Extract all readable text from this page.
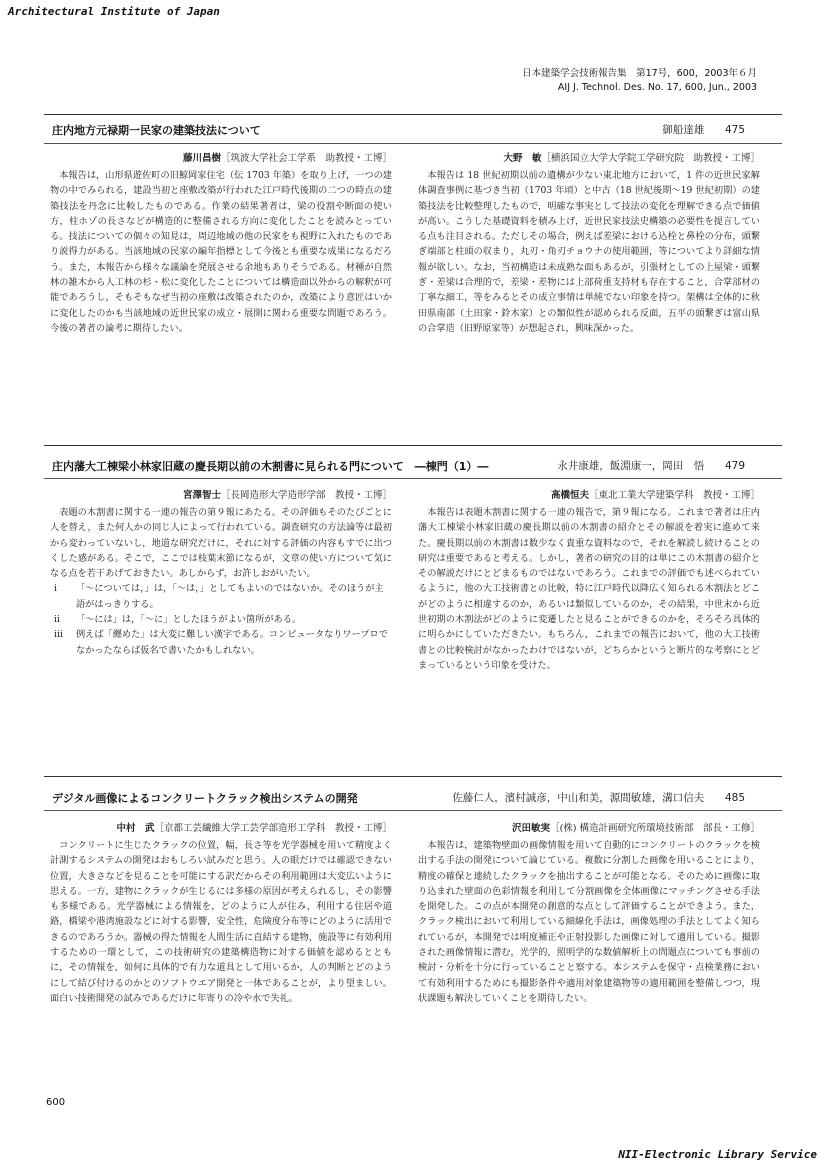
Architectural Institute of Japan
日本建築学会技術報告集　第17号，600，2003年６月
AIJ J. Technol. Des. No. 17, 600, Jun., 2003
庄内地方元禄期一民家の建築技法について	御船達雄 475
藤川昌樹［筑波大学社会工学系　助教授・工博］

本報告は，山形県遊佐町の旧鯨岡家住宅（伝 1703 年築）を取り上げ，一つの建物の中でみられる，建設当初と座敷改築が行われた江戸時代後期の二つの時点の建築技法を丹念に比較したものである。作業の結果著者は，梁の役割や断面の使い方，柱ホゾの長さなどが構造的に整備される方向に変化したことを読みとっている。技法についての個々の知見は，周辺地域の他の民家をも視野に入れたものであり説得力がある。当該地域の民家の編年指標として今後とも重要な成果になるだろう。また，本報告から様々な議論を発展させる余地もありそうである。材種が自然林の雑木から人工林の杉・松に変化したことについては構造面以外からの解釈が可能であろうし，そもそもなぜ当初の座敷は改築されたのか，改築により意匠はいかに変化したのかも当該地域の近世民家の成立・展開に関わる重要な問題であろう。今後の著者の論考に期待したい。

大野　敏［横浜国立大学大学院工学研究院　助教授・工博］

本報告は 18 世紀初期以前の遺構が少ない東北地方において，1 件の近世民家解体調査事例に基づき当初（1703 年頃）と中古（18 世紀後期〜19 世紀初期）の建築技法を比較整理したもので，明確な事実として技法の変化を理解できる点で価値が高い。こうした基礎資料を積み上げ，近世民家技法史構築の必要性を提言している点も注目される。ただしその場合，例えば差梁における込栓と鼻栓の分布，頭繋ぎ端部と柱頭の収まり，丸刃・角刃チョウナの使用範囲，等についてより詳細な情報が欲しい。なお，当初構造は未成熟な面もあるが，引張材としての上屋梁・頭繋ぎ・差梁は合理的で，差梁・差物には上部荷重支持材も存在すること，合掌部材の丁寧な細工，等をみるとその成立事情は単純でない印象を持つ。架構は全体的に秋田県南部（土田家・鈴木家）との類似性が認められる反面，五平の頭繋ぎは富山県の合掌造（旧野原家等）が想起され，興味深かった。

庄内藩大工棟梁小林家旧蔵の慶長期以前の木割書に見られる門について　―棟門（1）―	永井康雄，飯淵康一，岡田　悟 479
宮澤智士［長岡造形大学造形学部　教授・工博］

表題の木割書に関する一連の報告の第９報にあたる。その評価もそのたびごとに人を替え，また何人かの同じ人によって行われている。調査研究の方法論等は最初から変わっていないし，地道な研究だけに，それに対する評価の内容もすでに出つくした感がある。そこで，ここでは枝葉末節になるが，文章の使い方について気になる点を若干あげておきたい。あしからず，お許しおがいたい。

i	「〜については，」は，「〜は，」としてもよいのではないか。そのほうが主語がはっきりする。
ii	「〜には」は，「〜に」としたほうがよい箇所がある。
iii	例えば「纒めた」は大変に難しい漢字である。コンピュータなりワープロでなかったならば仮名で書いたかもしれない。
高橋恒夫［東北工業大学建築学科　教授・工博］

本報告は表題木割書に関する一連の報告で，第９報になる。これまで著者は庄内藩大工棟梁小林家旧蔵の慶長期以前の木割書の紹介とその解説を着実に進めて来た。慶長期以前の木割書は数少なく貴重な資料なので，それを解読し続けることの研究は重要であると考える。しかし，著者の研究の目的は単にこの木割書の紹介とその解説だけにとどまるものではないであろう。これまでの評価でも述べられているように，他の大工技術書との比較，特に江戸時代以降広く知られる木割法とどこがどのように相違するのか，あるいは類似しているのか，その結果，中世末から近世初期の木割法がどのように変遷したと見ることができるのかを，そろそろ具体的に明らかにしていただきたい。もちろん，これまでの報告において，他の大工技術書との比較検討がなかったわけではないが，どちらかというと断片的な考察にとどまっているという印象を受けた。

デジタル画像によるコンクリートクラック検出システムの開発	佐藤仁人，濱村誠彦，中山和美，源間敏雄，溝口信夫 485
中村　武［京都工芸繊維大学工芸学部造形工学科　教授・工博］

コンクリートに生じたクラックの位置，幅，長さ等を光学器械を用いて精度よく計測するシステムの開発はおもしろい試みだと思う。人の眼だけでは確認できない位置，大きさなどを見ることを可能にする訳だからその利用範囲は大変広いように思える。一方，建物にクラックが生じるには多様の原因が考えられるし，その影響も多様である。光学器械による情報を，どのように人が住み，利用する住居や道路，橋梁や港湾施設などに対する影響，安全性，危険度分布等にどのように活用できるのであろうか。器械の得た情報を人間生活に直結する建物，施設等に有効利用するための一環として，この技術研究の建築構造物に対する価値を認めるとともに，その情報を，如何に具体的で有力な道具として用いるか，人の判断とどのようにして結び付けるのかとのソフトウエア開発と一体であることが，より望ましい。面白い技術開発の試みであるだけに年寄りの冷や水で失礼。

沢田敏実［(株) 構造計画研究所環境技術部　部長・工修］

本報告は，建築物壁面の画像情報を用いて自動的にコンクリートのクラックを検出する手法の開発について論じている。複数に分割した画像を用いることにより，精度の確保と連続したクラックを抽出することが可能となる。そのために画像に取り込まれた壁面の色彩情報を利用して分割画像を全体画像にマッチングさせる手法を開発した。この点が本開発の創意的な点として評価することができよう。また，クラック検出において利用している細線化手法は，画像処理の手法としてよく知られているが，本開発では明度補正や正射投影した画像に対して適用している。撮影された画像情報に潜む，光学的，照明学的な数値解析上の問題点についても事前の検討・分析を十分に行っていることと察する。本システムを保守・点検業務において有効利用するためにも撮影条件や適用対象建築物等の適用範囲を整備しつつ，現状課題も解決していくことを期待したい。

600
NII-Electronic Library Service
